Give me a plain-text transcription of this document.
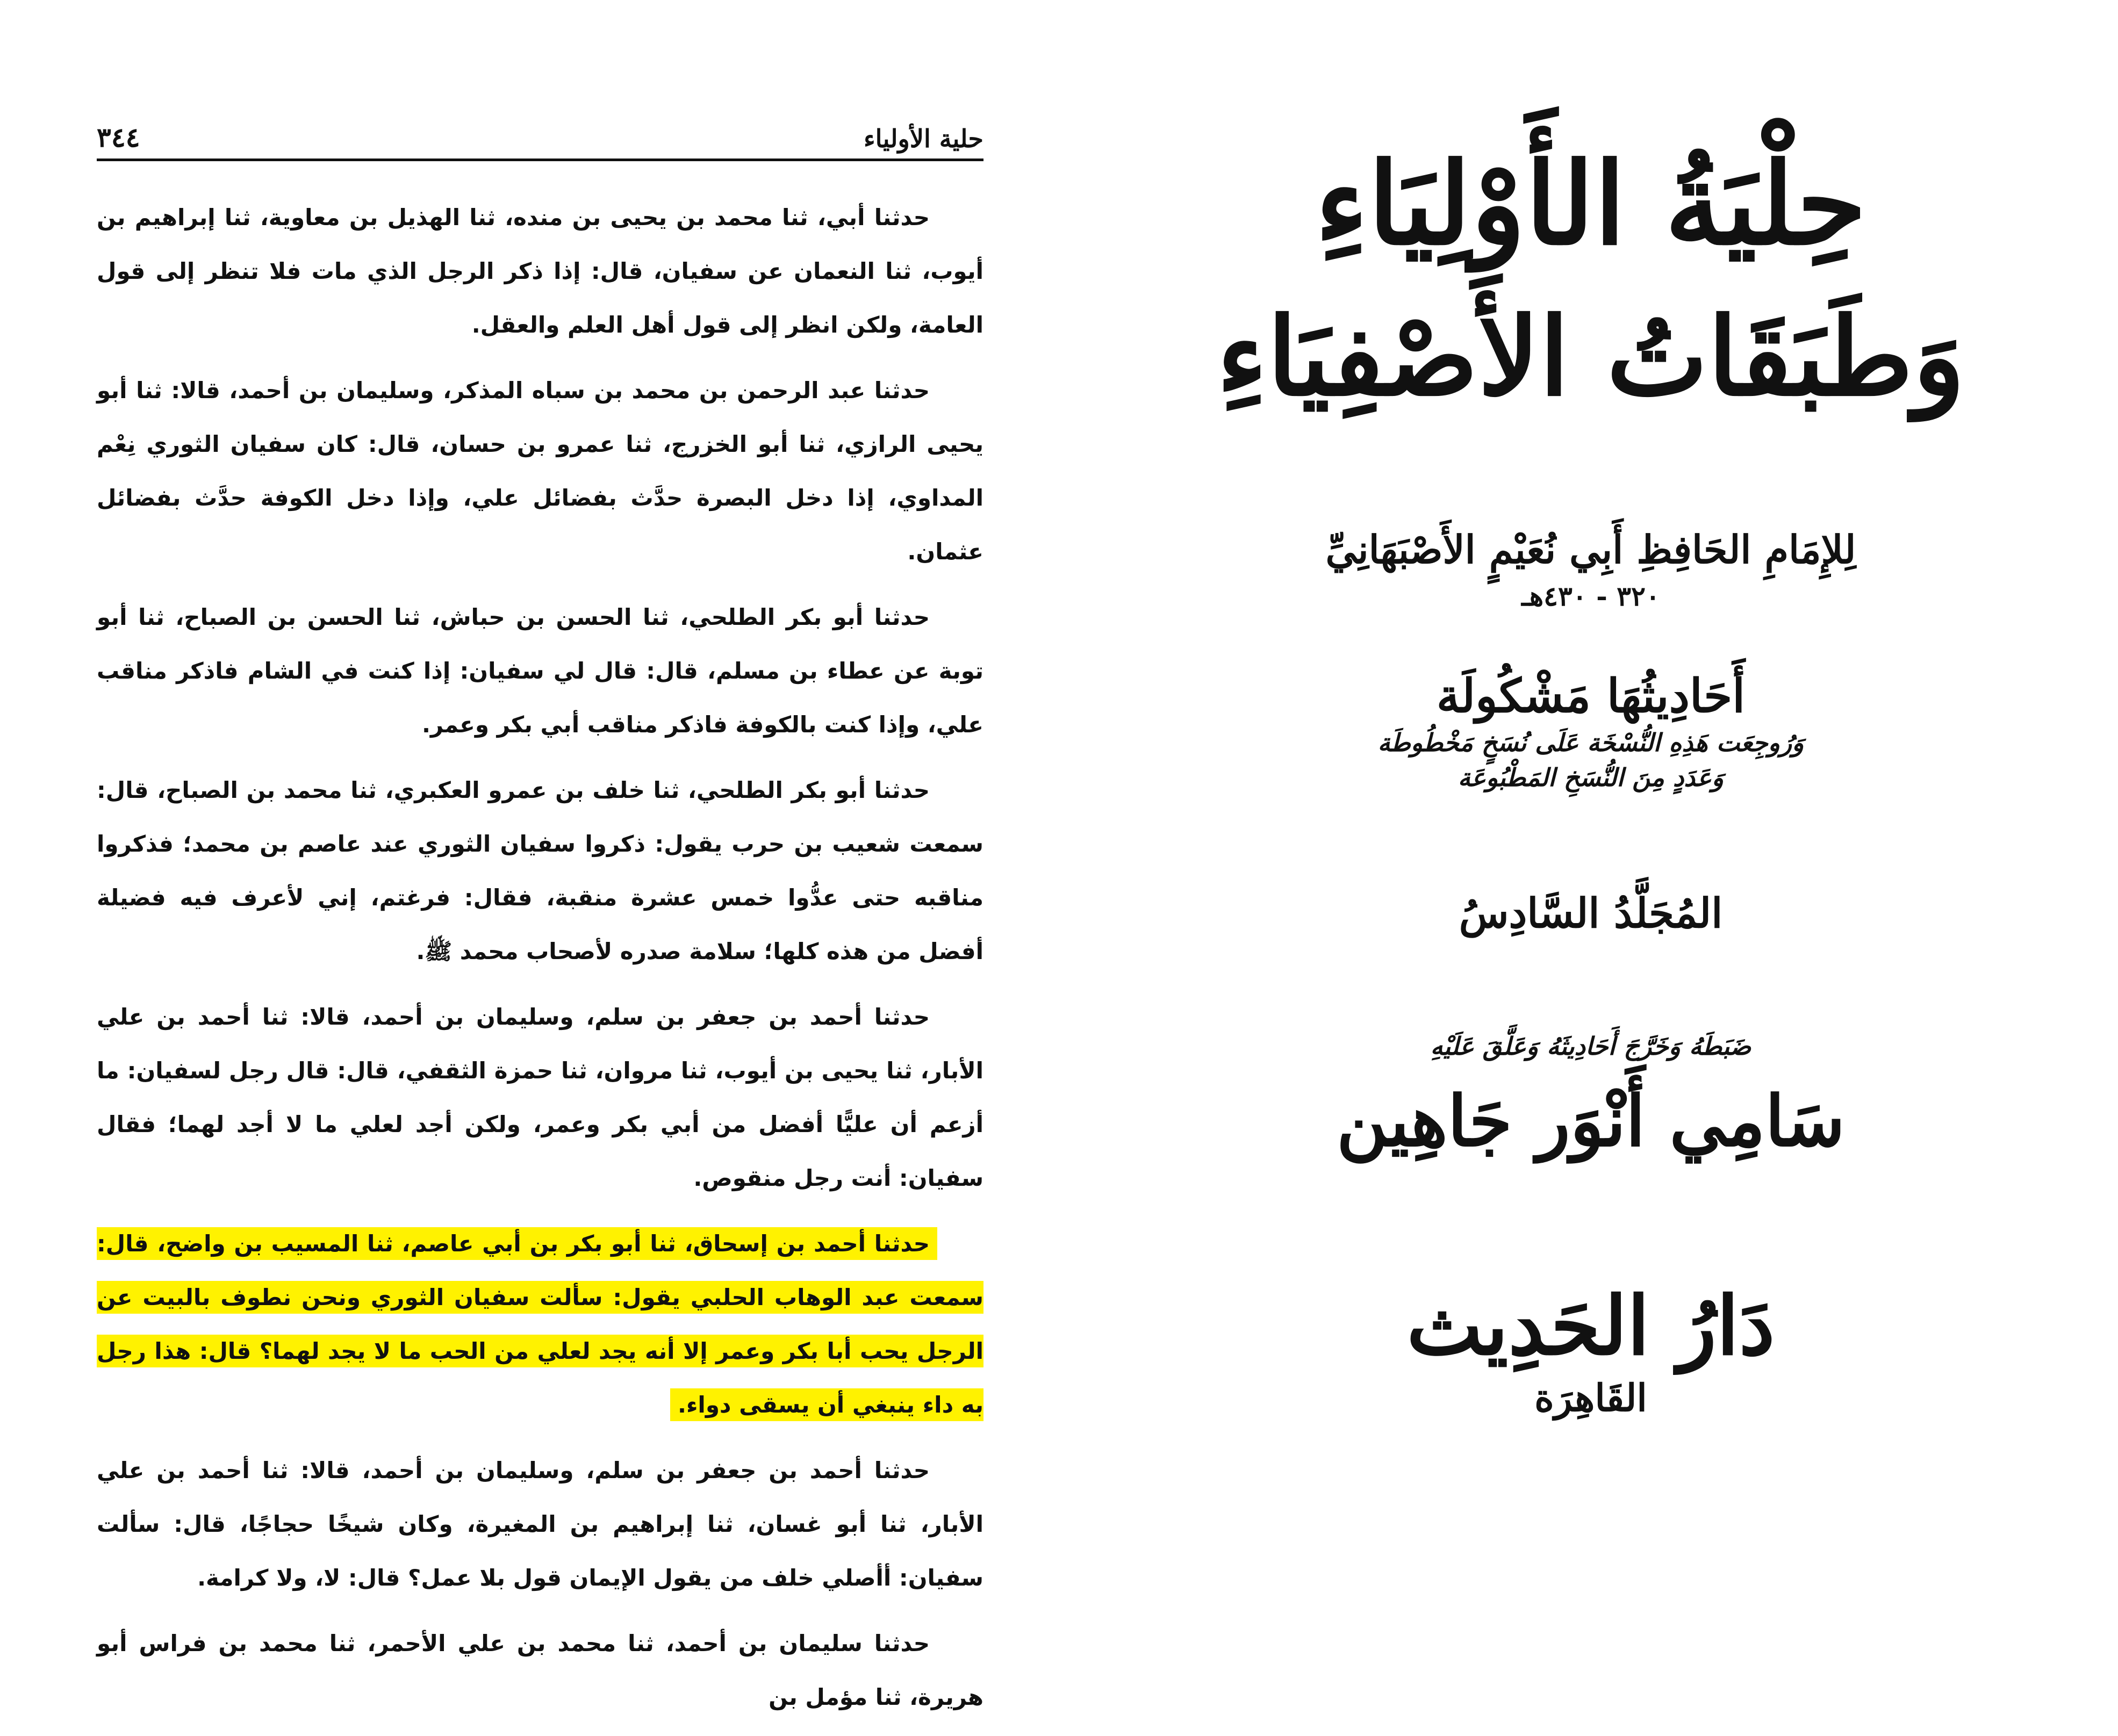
حلية الأولياء
٣٤٤

حدثنا أبي، ثنا محمد بن يحيى بن منده، ثنا الهذيل بن معاوية، ثنا إبراهيم بن أيوب، ثنا النعمان عن سفيان، قال: إذا ذكر الرجل الذي مات فلا تنظر إلى قول العامة، ولكن انظر إلى قول أهل العلم والعقل.

حدثنا عبد الرحمن بن محمد بن سباه المذكر، وسليمان بن أحمد، قالا: ثنا أبو يحيى الرازي، ثنا أبو الخزرج، ثنا عمرو بن حسان، قال: كان سفيان الثوري نِعْم المداوي، إذا دخل البصرة حدَّث بفضائل علي، وإذا دخل الكوفة حدَّث بفضائل عثمان.

حدثنا أبو بكر الطلحي، ثنا الحسن بن حباش، ثنا الحسن بن الصباح، ثنا أبو توبة عن عطاء بن مسلم، قال: قال لي سفيان: إذا كنت في الشام فاذكر مناقب علي، وإذا كنت بالكوفة فاذكر مناقب أبي بكر وعمر.

حدثنا أبو بكر الطلحي، ثنا خلف بن عمرو العكبري، ثنا محمد بن الصباح، قال: سمعت شعيب بن حرب يقول: ذكروا سفيان الثوري عند عاصم بن محمد؛ فذكروا مناقبه حتى عدُّوا خمس عشرة منقبة، فقال: فرغتم، إني لأعرف فيه فضيلة أفضل من هذه كلها؛ سلامة صدره لأصحاب محمد ﷺ.

حدثنا أحمد بن جعفر بن سلم، وسليمان بن أحمد، قالا: ثنا أحمد بن علي الأبار، ثنا يحيى بن أيوب، ثنا مروان، ثنا حمزة الثقفي، قال: قال رجل لسفيان: ما أزعم أن عليًّا أفضل من أبي بكر وعمر، ولكن أجد لعلي ما لا أجد لهما؛ فقال سفيان: أنت رجل منقوص.

حدثنا أحمد بن إسحاق، ثنا أبو بكر بن أبي عاصم، ثنا المسيب بن واضح، قال: سمعت عبد الوهاب الحلبي يقول: سألت سفيان الثوري ونحن نطوف بالبيت عن الرجل يحب أبا بكر وعمر إلا أنه يجد لعلي من الحب ما لا يجد لهما؟ قال: هذا رجل به داء ينبغي أن يسقى دواء.

حدثنا أحمد بن جعفر بن سلم، وسليمان بن أحمد، قالا: ثنا أحمد بن علي الأبار، ثنا أبو غسان، ثنا إبراهيم بن المغيرة، وكان شيخًا حجاجًا، قال: سألت سفيان: أأصلي خلف من يقول الإيمان قول بلا عمل؟ قال: لا، ولا كرامة.

حدثنا سليمان بن أحمد، ثنا محمد بن علي الأحمر، ثنا محمد بن فراس أبو هريرة، ثنا مؤمل بن

حِلْيَةُ الأَوْلِيَاءِ
وَطَبَقَاتُ الأَصْفِيَاءِ
لِلإِمَامِ الحَافِظِ أَبِي نُعَيْمٍ الأَصْبَهَانِيِّ
٣٢٠ - ٤٣٠هـ
أَحَادِيثُهَا مَشْكُولَة
وَرُوجِعَت هَذِهِ النُّسْخَة عَلَى نُسَخٍ مَخْطُوطَة
وَعَدَدٍ مِنَ النُّسَخِ المَطْبُوعَة
المُجَلَّدُ السَّادِسُ
ضَبَطَهُ وَخَرَّجَ أَحَادِيثَهُ وَعَلَّقَ عَلَيْهِ
سَامِي أَنْوَر جَاهِين
دَارُ الحَدِيث
القَاهِرَة
